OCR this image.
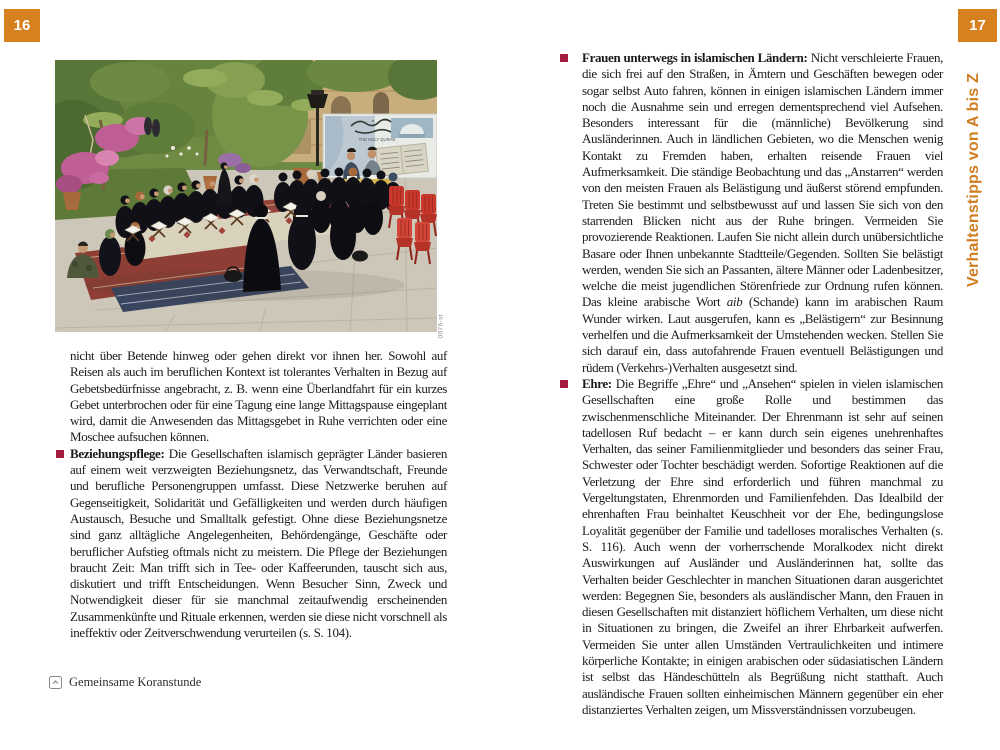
16	17
Verhaltenstipps von A bis Z
THE HOLY QURAN
0076-st

nicht über Betende hinweg oder gehen direkt vor ihnen her. Sowohl auf Reisen als auch im beruflichen Kontext ist tolerantes Verhalten in Bezug auf Gebetsbedürfnisse angebracht, z. B. wenn eine Überlandfahrt für ein kurzes Gebet unterbrochen oder für eine Tagung eine lange Mittagspause eingeplant wird, damit die Anwesenden das Mittagsgebet in Ruhe verrichten oder eine Moschee aufsuchen können.

Beziehungspflege: Die Gesellschaften islamisch geprägter Länder basieren auf einem weit verzweigten Beziehungsnetz, das Verwandtschaft, Freunde und berufliche Personengruppen umfasst. Diese Netzwerke beruhen auf Gegenseitigkeit, Solidarität und Gefälligkeiten und werden durch häufigen Austausch, Besuche und Smalltalk gefestigt. Ohne diese Beziehungsnetze sind ganz alltägliche Angelegenheiten, Behördengänge, Geschäfte oder beruflicher Aufstieg oftmals nicht zu meistern. Die Pflege der Beziehungen braucht Zeit: Man trifft sich in Tee- oder Kaffeerunden, tauscht sich aus, diskutiert und trifft Entscheidungen. Wenn Besucher Sinn, Zweck und Notwendigkeit dieser für sie manchmal zeitaufwendig erscheinenden Zusammenkünfte und Rituale erkennen, werden sie diese nicht vorschnell als ineffektiv oder Zeitverschwendung verurteilen (s. S. 104).

Gemeinsame Koranstunde

Frauen unterwegs in islamischen Ländern: Nicht verschleierte Frauen, die sich frei auf den Straßen, in Ämtern und Geschäften bewegen oder sogar selbst Auto fahren, können in einigen islamischen Ländern immer noch die Ausnahme sein und erregen dementsprechend viel Aufsehen. Besonders interessant für die (männliche) Bevölkerung sind Ausländerinnen. Auch in ländlichen Gebieten, wo die Menschen wenig Kontakt zu Fremden haben, erhalten reisende Frauen viel Aufmerksamkeit. Die ständige Beobachtung und das „Anstarren“ werden von den meisten Frauen als Belästigung und äußerst störend empfunden. Treten Sie bestimmt und selbstbewusst auf und lassen Sie sich von den starrenden Blicken nicht aus der Ruhe bringen. Vermeiden Sie provozierende Reaktionen. Laufen Sie nicht allein durch unübersichtliche Basare oder Ihnen unbekannte Stadtteile/Gegenden. Sollten Sie belästigt werden, wenden Sie sich an Passanten, ältere Männer oder Ladenbesitzer, welche die meist jugendlichen Störenfriede zur Ordnung rufen können. Das kleine arabische Wort aib (Schande) kann im arabischen Raum Wunder wirken. Laut ausgerufen, kann es „Belästigern“ zur Besinnung verhelfen und die Aufmerksamkeit der Umstehenden wecken. Stellen Sie sich darauf ein, dass autofahrende Frauen eventuell Belästigungen und rüdem (Verkehrs-)Verhalten ausgesetzt sind.

Ehre: Die Begriffe „Ehre“ und „Ansehen“ spielen in vielen islamischen Gesellschaften eine große Rolle und bestimmen das zwischenmenschliche Miteinander. Der Ehrenmann ist sehr auf seinen tadellosen Ruf bedacht – er kann durch sein eigenes unehrenhaftes Verhalten, das seiner Familienmitglieder und besonders das seiner Frau, Schwester oder Tochter beschädigt werden. Sofortige Reaktionen auf die Verletzung der Ehre sind erforderlich und führen manchmal zu Vergeltungstaten, Ehrenmorden und Familienfehden. Das Idealbild der ehrenhaften Frau beinhaltet Keuschheit vor der Ehe, bedingungslose Loyalität gegenüber der Familie und tadelloses moralisches Verhalten (s. S. 116). Auch wenn der vorherrschende Moralkodex nicht direkt Auswirkungen auf Ausländer und Ausländerinnen hat, sollte das Verhalten beider Geschlechter in manchen Situationen daran ausgerichtet werden: Begegnen Sie, besonders als ausländischer Mann, den Frauen in diesen Gesellschaften mit distanziert höflichem Verhalten, um diese nicht in Situationen zu bringen, die Zweifel an ihrer Ehrbarkeit aufwerfen. Vermeiden Sie unter allen Umständen Vertraulichkeiten und intimere körperliche Kontakte; in einigen arabischen oder südasiatischen Ländern ist selbst das Händeschütteln als Begrüßung nicht statthaft. Auch ausländische Frauen sollten einheimischen Männern gegenüber ein eher distanziertes Verhalten zeigen, um Missverständnissen vorzubeugen.
